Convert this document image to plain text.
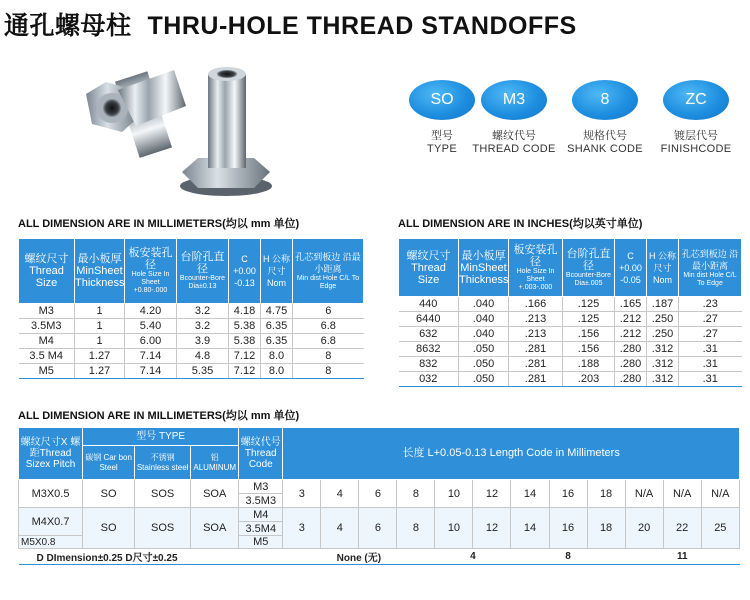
通孔螺母柱 THRU-HOLE THREAD STANDOFFS
SO
型号
TYPE
M3
螺纹代号
THREAD CODE
8
规格代号
SHANK CODE
ZC
镀层代号
FINISHCODE
ALL DIMENSION ARE IN MILLIMETERS(均以 mm 单位)
螺纹尺寸 Thread Size	最小板厚 MinSheet Thickness	板安装孔径
Hole Size In Sheet +0.80-.000	台阶孔直径
Bcounter-Bore Dia±0.13	C +0.00 -0.13	H 公称 尺寸 Nom	孔芯到板边 沿最小距离
Min dist Hole C/L To Edge

M3	1	4.20	3.2	4.18	4.75	6
3.5M3	1	5.40	3.2	5.38	6.35	6.8
M4	1	6.00	3.9	5.38	6.35	6.8
3.5 M4	1.27	7.14	4.8	7.12	8.0	8
M5	1.27	7.14	5.35	7.12	8.0	8
ALL DIMENSION ARE IN INCHES(均以英寸单位)
螺纹尺寸 Thread Size	最小板厚 MinSheet Thickness	板安装孔径
Hole Size In Sheet +.003-.000	台阶孔直径
Bcounter-Bore Dia±.005	C +0.00 -0.05	H 公称 尺寸 Nom	孔芯到板边 沿最小距离
Min dist Hole C/L To Edge

440	.040	.166	.125	.165	.187	.23
6440	.040	.213	.125	.212	.250	.27
632	.040	.213	.156	.212	.250	.27
8632	.050	.281	.156	.280	.312	.31
832	.050	.281	.188	.280	.312	.31
032	.050	.281	.203	.280	.312	.31
ALL DIMENSION ARE IN MILLIMETERS(均以 mm 单位)
螺纹尺寸X 螺距Thread Sizex Pitch	型号 TYPE			螺纹代号 Thread Code	长度 L+0.05-0.13 Length Code in Millimeters											

	碳钢 Car bon Steel	不锈钢 Stainless steel	铝 ALUMINUM													

M3X0.5	SO	SOS	SOA	M3	3	4	6	8	10	12	14	16	18	N/A	N/A	N/A
				3.5M3												
M4X0.7	SO	SOS	SOA	M4	3	4	6	8	10	12	14	16	18	20	22	25
				3.5M4												
M5X0.8				M5												
D DImension±0.25 D尺寸±0.25					None (无)				4		8			11		
